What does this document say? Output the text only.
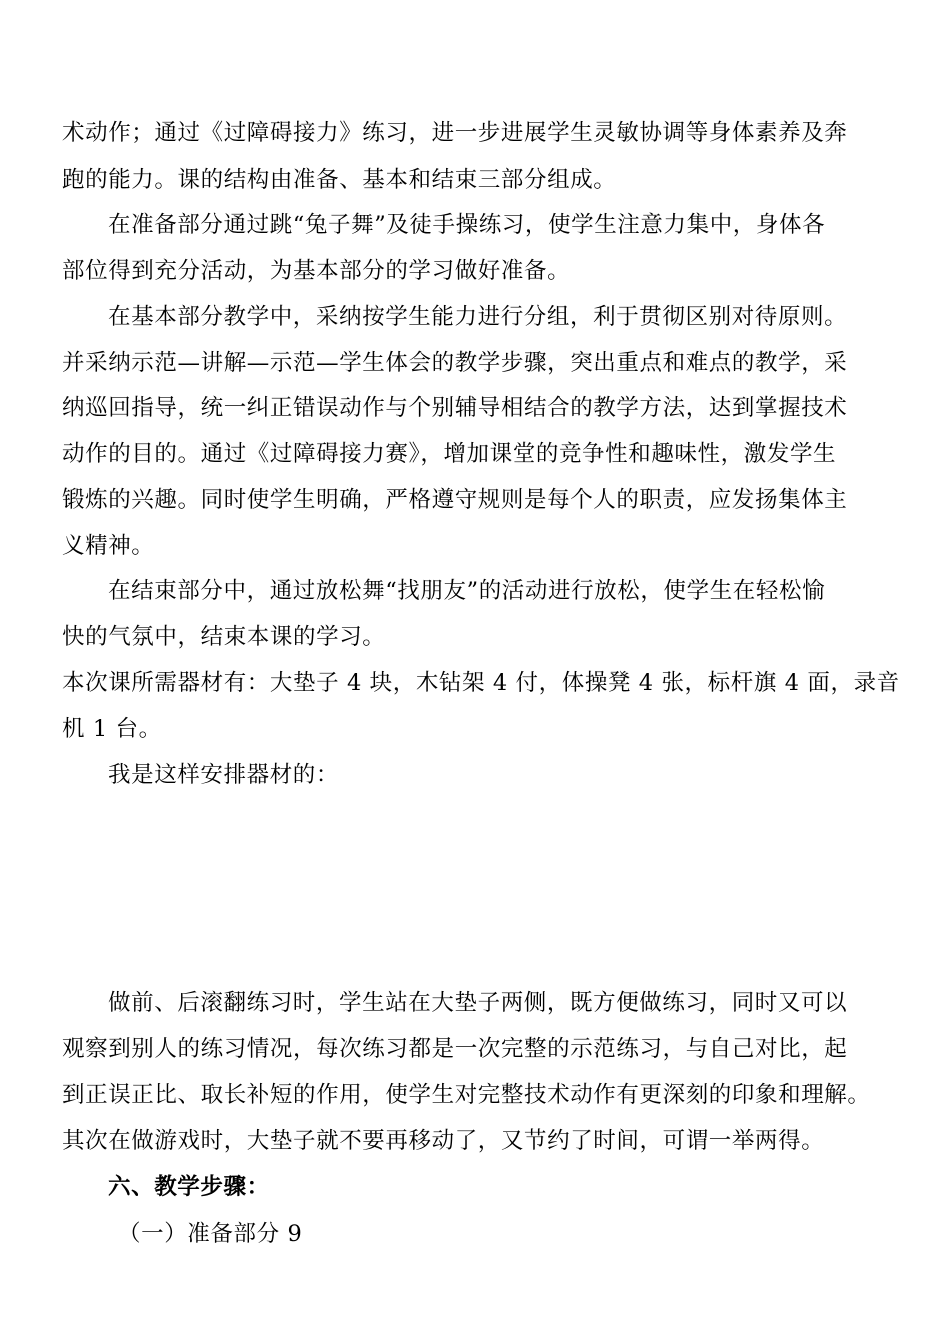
术动作；通过《过障碍接力》练习，进一步进展学生灵敏协调等身体素养及奔
跑的能力。课的结构由准备、基本和结束三部分组成。
在准备部分通过跳“兔子舞”及徒手操练习，使学生注意力集中，身体各
部位得到充分活动，为基本部分的学习做好准备。
在基本部分教学中，采纳按学生能力进行分组，利于贯彻区别对待原则。
并采纳示范—讲解—示范—学生体会的教学步骤，突出重点和难点的教学，采
纳巡回指导，统一纠正错误动作与个别辅导相结合的教学方法，达到掌握技术
动作的目的。通过《过障碍接力赛》，增加课堂的竞争性和趣味性，激发学生
锻炼的兴趣。同时使学生明确，严格遵守规则是每个人的职责，应发扬集体主
义精神。
在结束部分中，通过放松舞“找朋友”的活动进行放松，使学生在轻松愉
快的气氛中，结束本课的学习。
本次课所需器材有：大垫子 4 块，木钻架 4 付，体操凳 4 张，标杆旗 4 面，录音
机 1 台。
我是这样安排器材的：
做前、后滚翻练习时，学生站在大垫子两侧，既方便做练习，同时又可以
观察到别人的练习情况，每次练习都是一次完整的示范练习，与自己对比，起
到正误正比、取长补短的作用，使学生对完整技术动作有更深刻的印象和理解。
其次在做游戏时，大垫子就不要再移动了，又节约了时间，可谓一举两得。
六、教学步骤：
（一）准备部分 9
